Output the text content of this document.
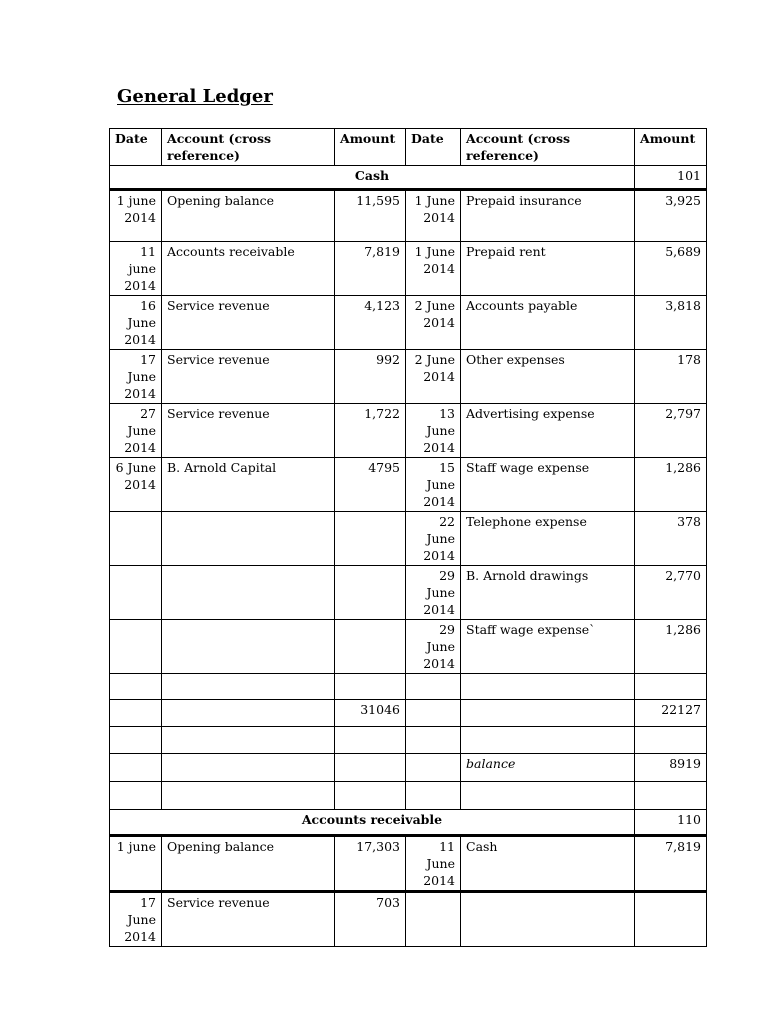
General Ledger
Date	Account (cross reference)	Amount	Date	Account (cross reference)	Amount
Cash					101
1 june 2014	Opening balance	11,595	1 June 2014	Prepaid insurance	3,925
11 june 2014	Accounts receivable	7,819	1 June 2014	Prepaid rent	5,689
16 June 2014	Service revenue	4,123	2 June 2014	Accounts payable	3,818
17 June 2014	Service revenue	992	2 June 2014	Other expenses	178
27 June 2014	Service revenue	1,722	13 June 2014	Advertising expense	2,797
6 June 2014	B. Arnold Capital	4795	15 June 2014	Staff wage expense	1,286
			22 June 2014	Telephone expense	378
			29 June 2014	B. Arnold drawings	2,770
			29 June 2014	Staff wage expense`	1,286

		31046			22127

				balance	8919

Accounts receivable					110
1 june	Opening balance	17,303	11 June 2014	Cash	7,819
17 June 2014	Service revenue	703			
